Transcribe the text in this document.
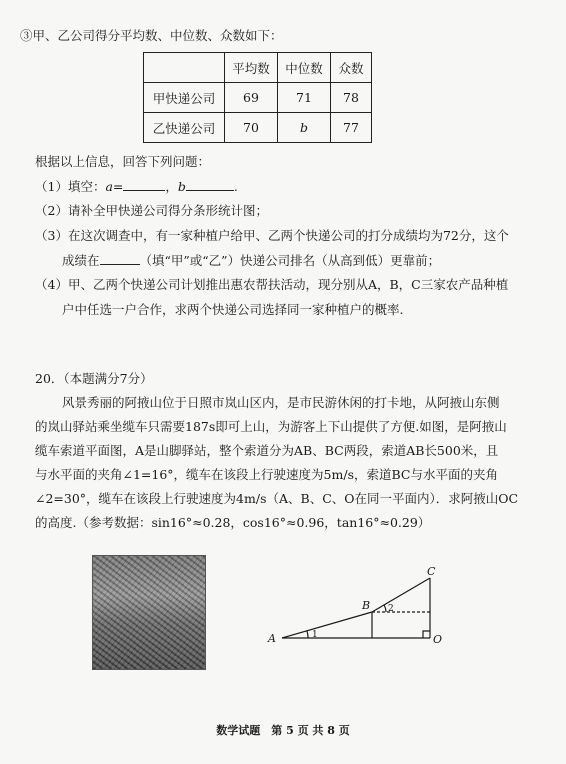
③甲、乙公司得分平均数、中位数、众数如下：
	平均数	中位数	众数
甲快递公司	69	71	78
乙快递公司	70	b	77
根据以上信息，回答下列问题：
（1）填空：a=	，b	.
（2）请补全甲快递公司得分条形统计图；
（3）在这次调查中，有一家种植户给甲、乙两个快递公司的打分成绩均为72分，这个
成绩在	（填“甲”或“乙”）快递公司排名（从高到低）更靠前；
（4）甲、乙两个快递公司计划推出惠农帮扶活动，现分别从A，B，C三家农产品种植
户中任选一户合作，求两个快递公司选择同一家种植户的概率.
20．（本题满分7分）
风景秀丽的阿掖山位于日照市岚山区内，是市民游休闲的打卡地，从阿掖山东侧
的岚山驿站乘坐缆车只需要187s即可上山，为游客上下山提供了方便.如图，是阿掖山
缆车索道平面图，A是山脚驿站，整个索道分为AB、BC两段，索道AB长500米，且
与水平面的夹角∠1=16°，缆车在该段上行驶速度为5m/s，索道BC与水平面的夹角
∠2=30°，缆车在该段上行驶速度为4m/s（A、B、C、O在同一平面内）．求阿掖山OC
的高度.（参考数据：sin16°≈0.28，cos16°≈0.96，tan16°≈0.29）
A
B
C
O
1
2
数学试题　第 5 页 共 8 页
